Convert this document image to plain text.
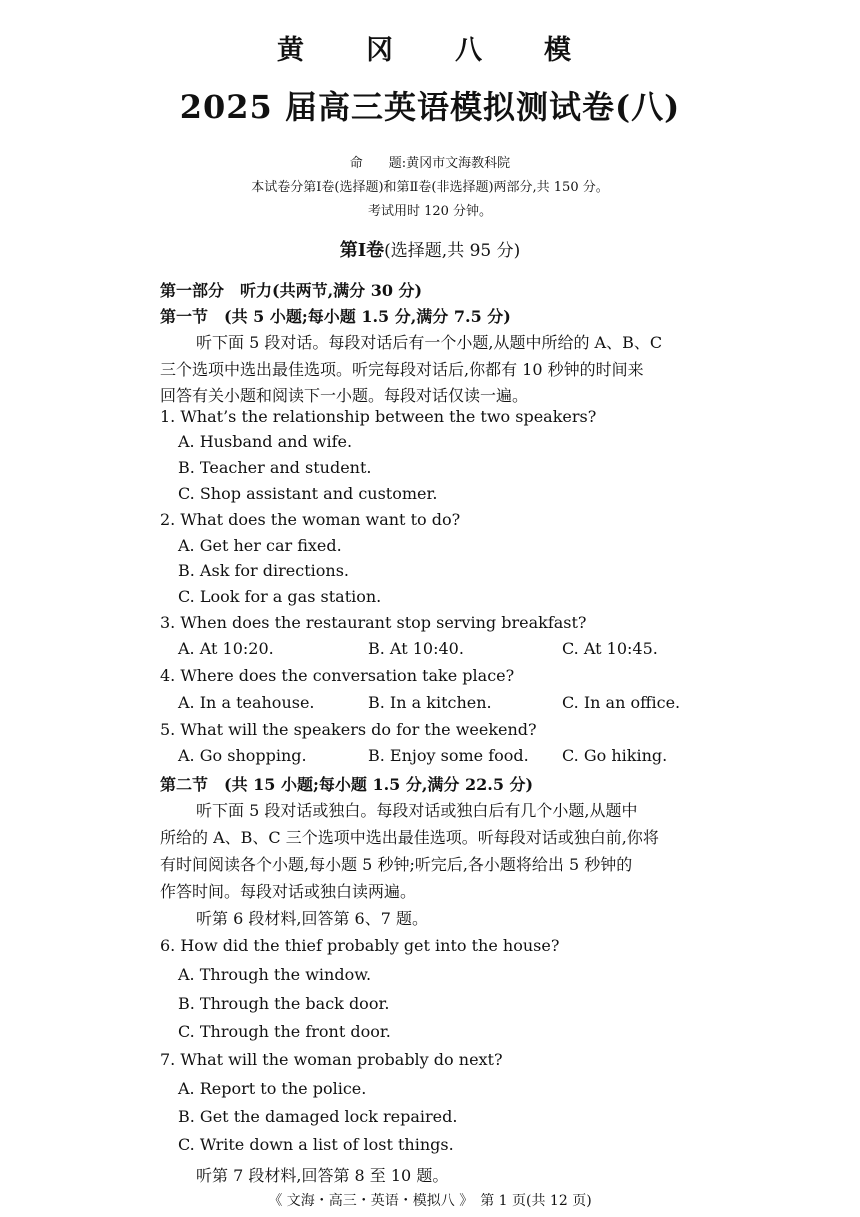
黄冈八模
2025 届高三英语模拟测试卷(八)
命　　题:黄冈市文海教科院
本试卷分第Ⅰ卷(选择题)和第Ⅱ卷(非选择题)两部分,共 150 分。
考试用时 120 分钟。
第Ⅰ卷(选择题,共 95 分)
第一部分　听力(共两节,满分 30 分)
第一节　(共 5 小题;每小题 1.5 分,满分 7.5 分)
听下面 5 段对话。每段对话后有一个小题,从题中所给的 A、B、C
三个选项中选出最佳选项。听完每段对话后,你都有 10 秒钟的时间来
回答有关小题和阅读下一小题。每段对话仅读一遍。
1. What’s the relationship between the two speakers?
A. Husband and wife.
B. Teacher and student.
C. Shop assistant and customer.
2. What does the woman want to do?
A. Get her car fixed.
B. Ask for directions.
C. Look for a gas station.
3. When does the restaurant stop serving breakfast?
A. At 10:20.	B. At 10:40.	C. At 10:45.
4. Where does the conversation take place?
A. In a teahouse.	B. In a kitchen.	C. In an office.
5. What will the speakers do for the weekend?
A. Go shopping.	B. Enjoy some food. C. Go hiking.
第二节　(共 15 小题;每小题 1.5 分,满分 22.5 分)
听下面 5 段对话或独白。每段对话或独白后有几个小题,从题中
所给的 A、B、C 三个选项中选出最佳选项。听每段对话或独白前,你将
有时间阅读各个小题,每小题 5 秒钟;听完后,各小题将给出 5 秒钟的
作答时间。每段对话或独白读两遍。
听第 6 段材料,回答第 6、7 题。
6. How did the thief probably get into the house?
A. Through the window.
B. Through the back door.
C. Through the front door.
7. What will the woman probably do next?
A. Report to the police.
B. Get the damaged lock repaired.
C. Write down a list of lost things.
听第 7 段材料,回答第 8 至 10 题。
《 文海・高三・英语・模拟八 》　第 1 页(共 12 页)
